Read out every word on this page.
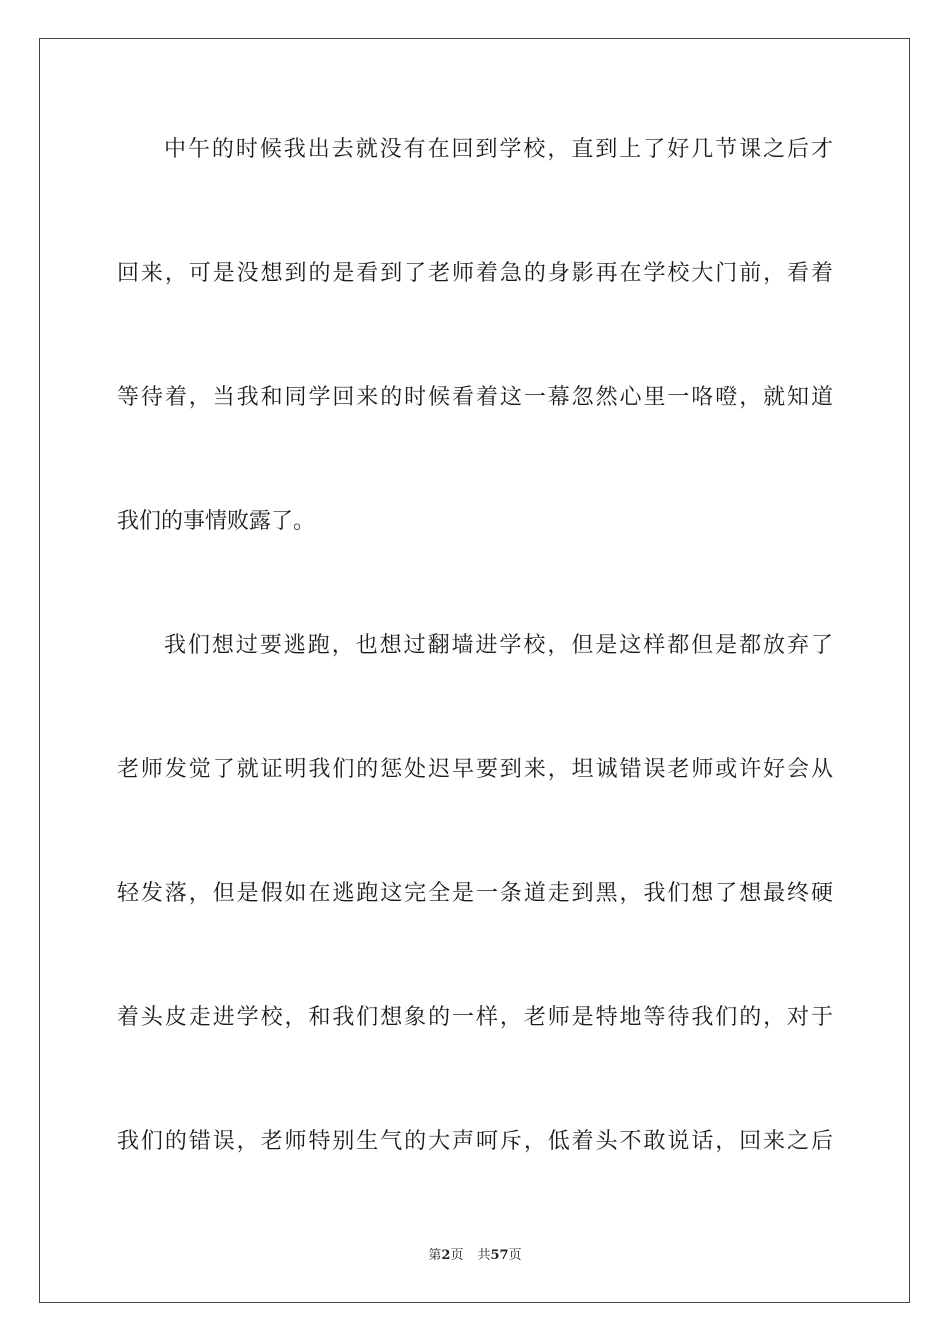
中午的时候我出去就没有在回到学校，直到上了好几节课之后才
回来，可是没想到的是看到了老师着急的身影再在学校大门前，看着
等待着，当我和同学回来的时候看着这一幕忽然心里一咯噔，就知道
我们的事情败露了。
我们想过要逃跑，也想过翻墙进学校，但是这样都但是都放弃了
老师发觉了就证明我们的惩处迟早要到来，坦诚错误老师或许好会从
轻发落，但是假如在逃跑这完全是一条道走到黑，我们想了想最终硬
着头皮走进学校，和我们想象的一样，老师是特地等待我们的，对于
我们的错误，老师特别生气的大声呵斥，低着头不敢说话，回来之后
第2页 共57页
